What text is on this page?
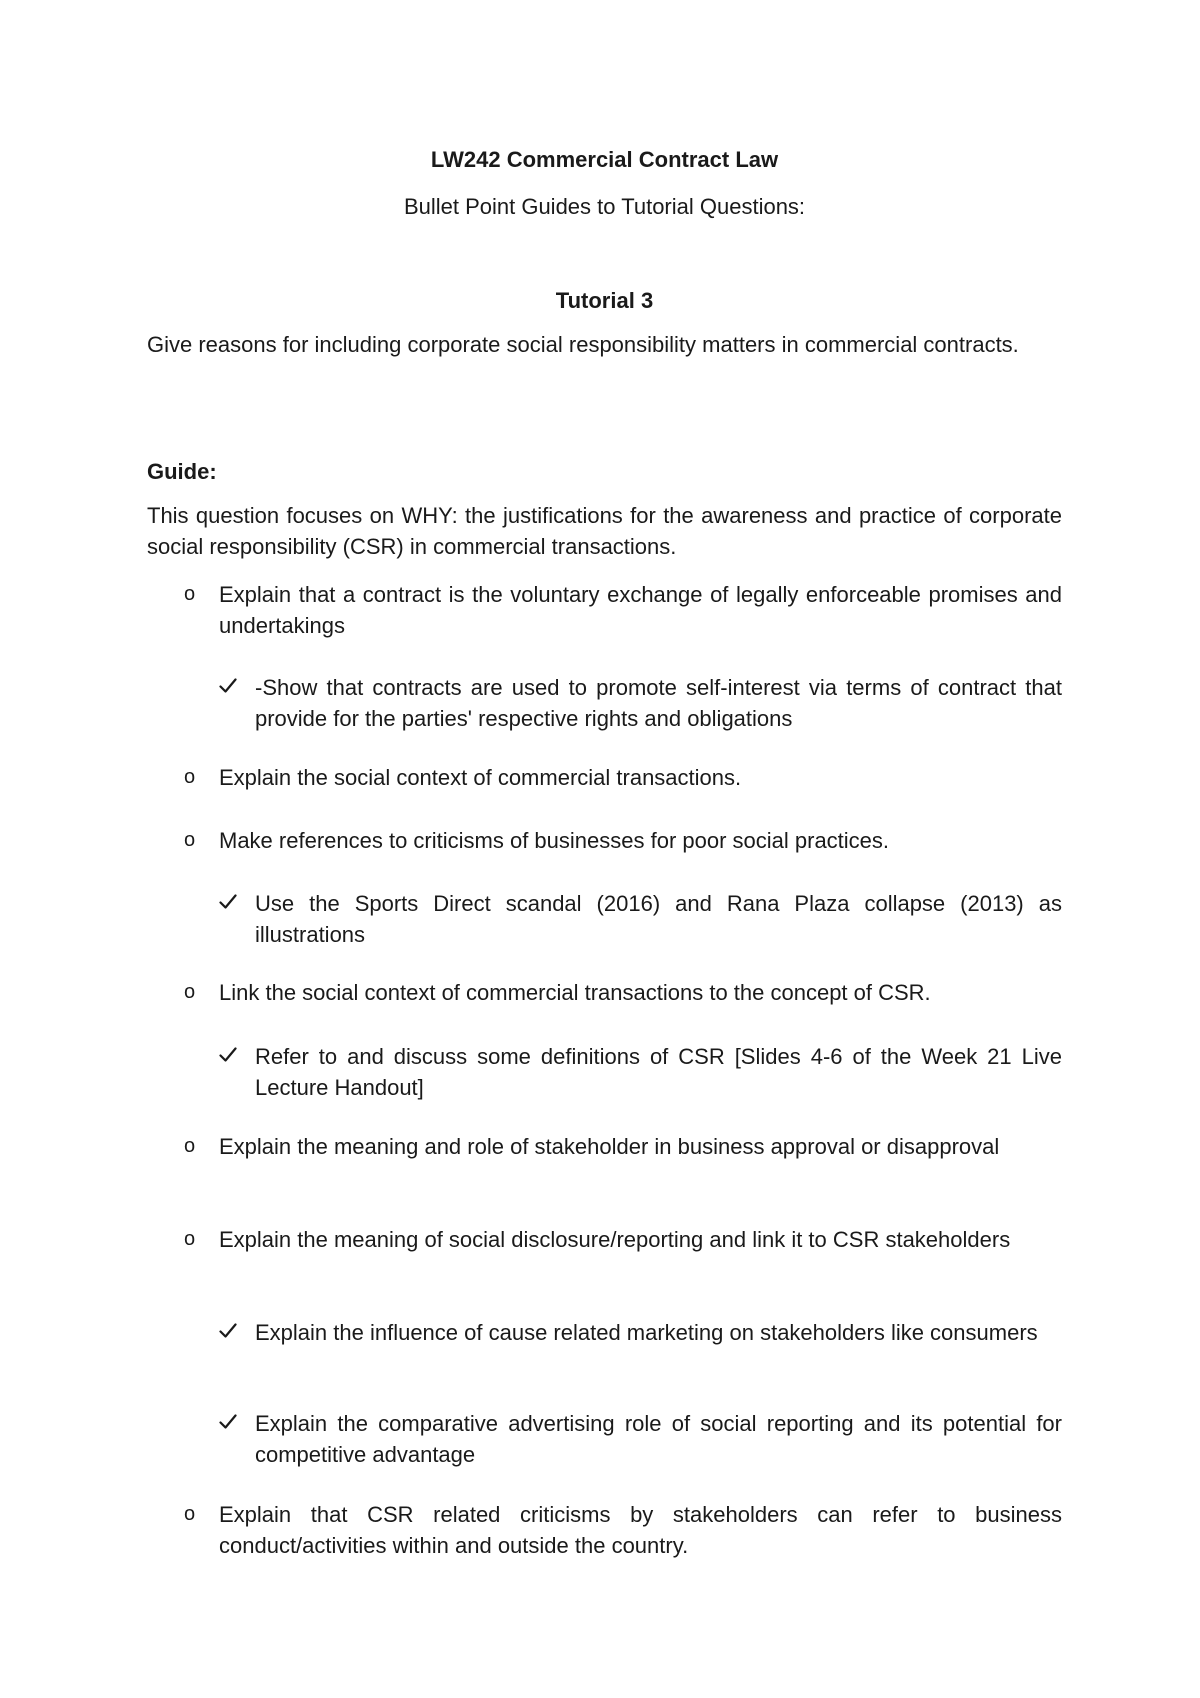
LW242 Commercial Contract Law
Bullet Point Guides to Tutorial Questions:
Tutorial 3
Give reasons for including corporate social responsibility matters in commercial contracts.
Guide:
This question focuses on WHY: the justifications for the awareness and practice of corporate social responsibility (CSR) in commercial transactions.
o	Explain that a contract is the voluntary exchange of legally enforceable promises and undertakings
-Show that contracts are used to promote self-interest via terms of contract that provide for the parties' respective rights and obligations
o	Explain the social context of commercial transactions.
o	Make references to criticisms of businesses for poor social practices.
Use the Sports Direct scandal (2016) and Rana Plaza collapse (2013) as illustrations
o	Link the social context of commercial transactions to the concept of CSR.
Refer to and discuss some definitions of CSR [Slides 4-6 of the Week 21 Live Lecture Handout]
o	Explain the meaning and role of stakeholder in business approval or disapproval
o	Explain the meaning of social disclosure/reporting and link it to CSR stakeholders
Explain the influence of cause related marketing on stakeholders like consumers
Explain the comparative advertising role of social reporting and its potential for competitive advantage
o	Explain that CSR related criticisms by stakeholders can refer to business conduct/activities within and outside the country.
